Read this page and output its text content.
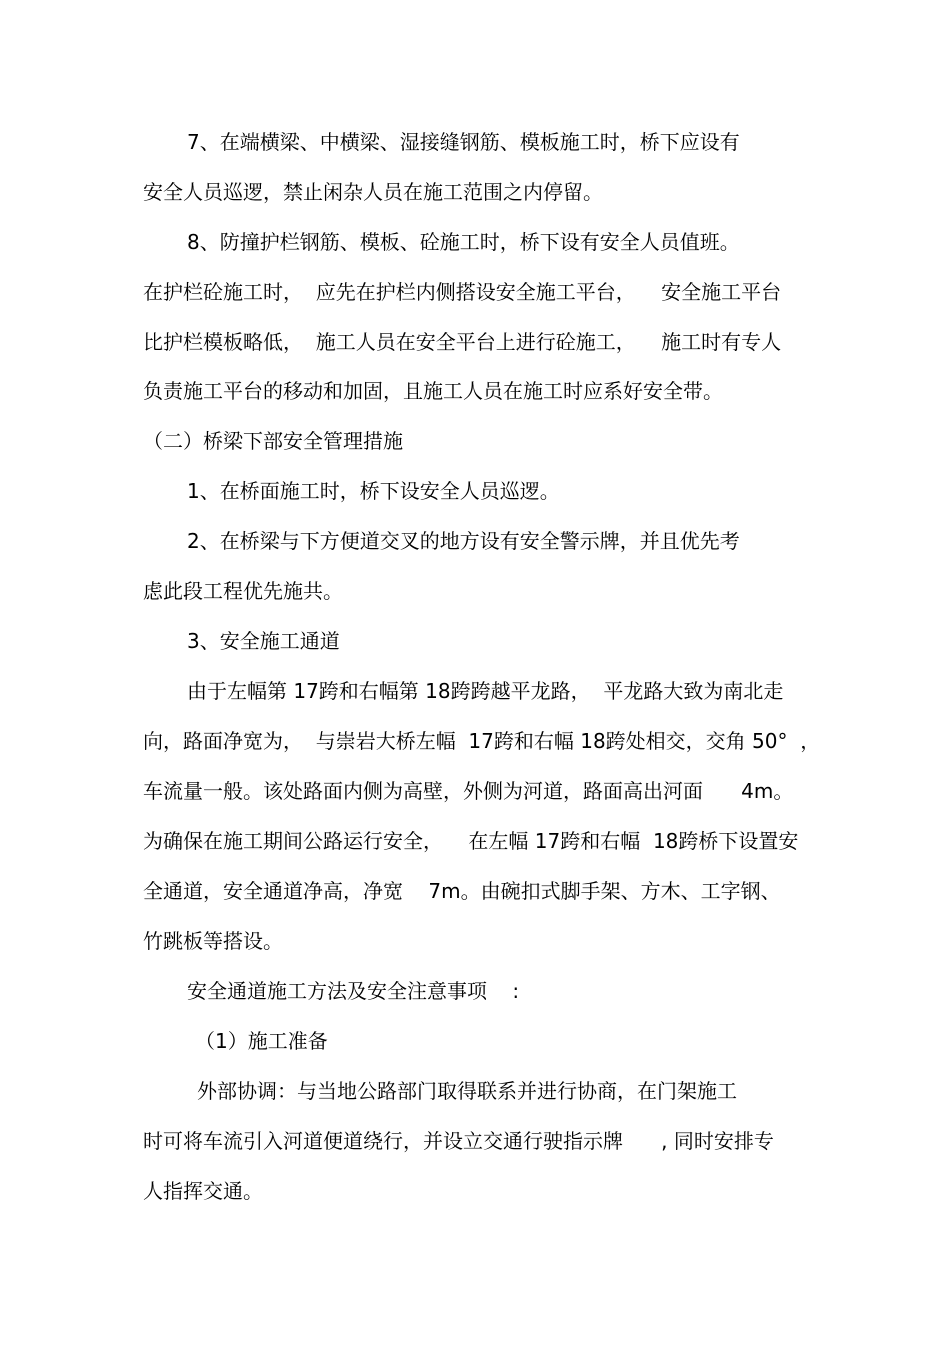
7、在端横梁、中横梁、湿接缝钢筋、模板施工时，桥下应设有
安全人员巡逻，禁止闲杂人员在施工范围之内停留。
8、防撞护栏钢筋、模板、砼施工时，桥下设有安全人员值班。
在护栏砼施工时，  应先在护栏内侧搭设安全施工平台，    安全施工平台
比护栏模板略低，  施工人员在安全平台上进行砼施工，    施工时有专人
负责施工平台的移动和加固，且施工人员在施工时应系好安全带。
（二）桥梁下部安全管理措施
1、在桥面施工时，桥下设安全人员巡逻。
2、在桥梁与下方便道交叉的地方设有安全警示牌，并且优先考
虑此段工程优先施共。
3、安全施工通道
由于左幅第 17跨和右幅第 18跨跨越平龙路，  平龙路大致为南北走
向，路面净宽为，  与崇岩大桥左幅  17跨和右幅 18跨处相交，交角 50°  ，
车流量一般。该处路面内侧为高壁，外侧为河道，路面高出河面      4m。
为确保在施工期间公路运行安全，    在左幅 17跨和右幅  18跨桥下设置安
全通道，安全通道净高，净宽    7m。由碗扣式脚手架、方木、工字钢、
竹跳板等搭设。
安全通道施工方法及安全注意事项    :
（1）施工准备
外部协调：与当地公路部门取得联系并进行协商，在门架施工
时可将车流引入河道便道绕行，并设立交通行驶指示牌      , 同时安排专
人指挥交通。
